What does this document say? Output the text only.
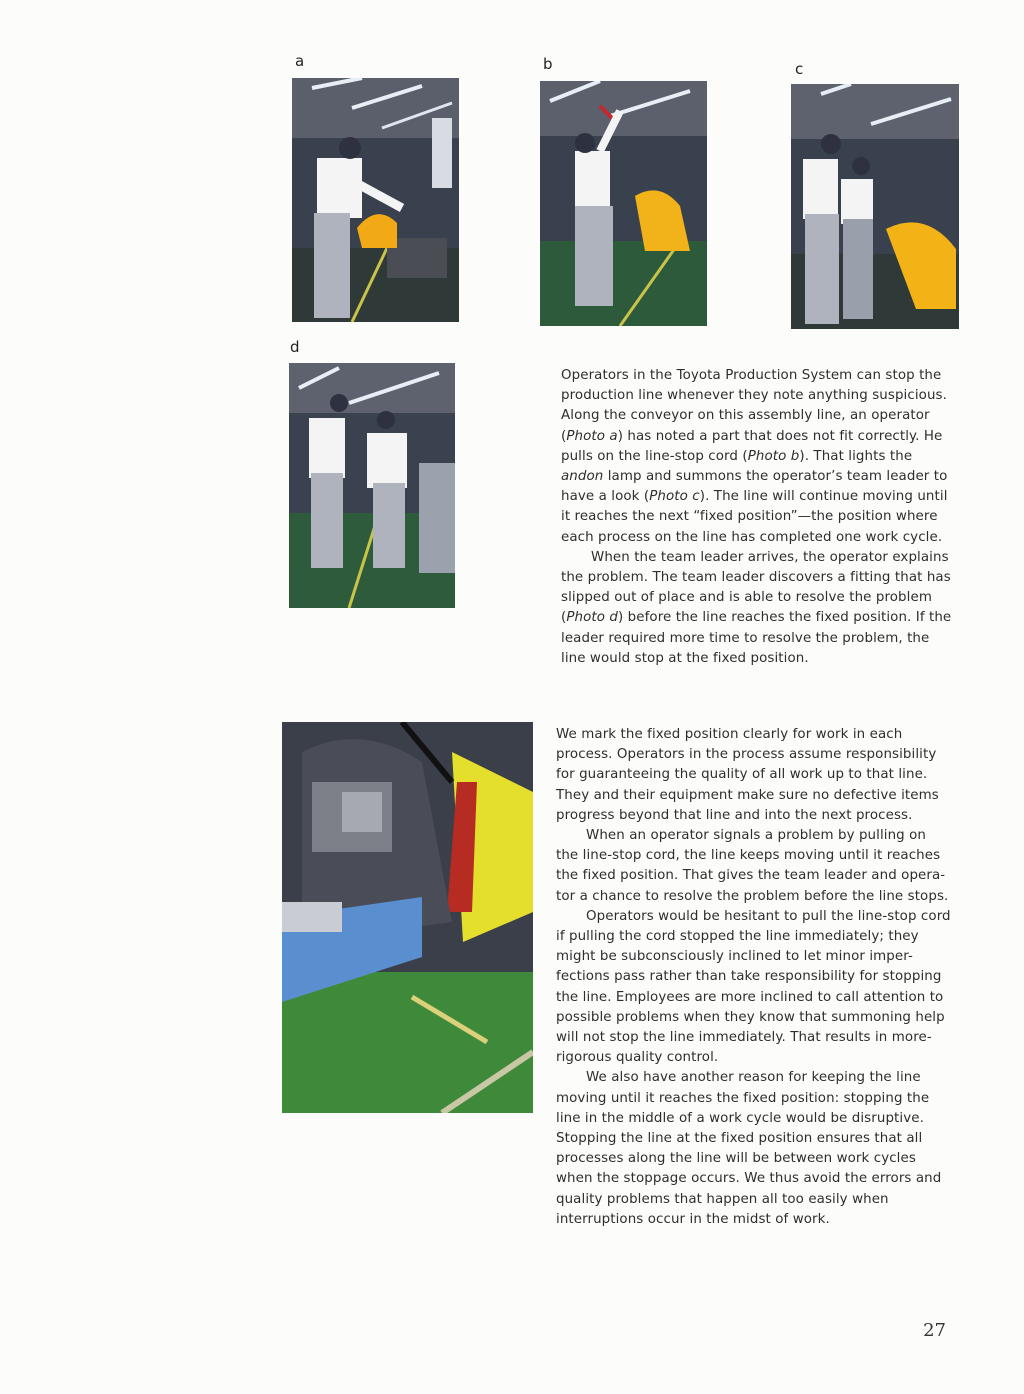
a	b	c
d

Operators in the Toyota Production System can stop the production line whenever they note anything suspicious. Along the conveyor on this assembly line, an operator (Photo a) has noted a part that does not fit correctly. He pulls on the line-stop cord (Photo b). That lights the andon lamp and summons the operator’s team leader to have a look (Photo c). The line will continue moving until it reaches the next “fixed position”—the position where each process on the line has completed one work cycle.

When the team leader arrives, the operator explains the problem. The team leader discovers a fitting that has slipped out of place and is able to resolve the problem (Photo d) before the line reaches the fixed position. If the leader required more time to resolve the problem, the line would stop at the fixed position.

We mark the fixed position clearly for work in each process. Operators in the process assume responsibility for guaranteeing the quality of all work up to that line. They and their equipment make sure no defective items progress beyond that line and into the next process.

When an operator signals a problem by pulling on the line-stop cord, the line keeps moving until it reaches the fixed position. That gives the team leader and opera-tor a chance to resolve the problem before the line stops.

Operators would be hesitant to pull the line-stop cord if pulling the cord stopped the line immediately; they might be subconsciously inclined to let minor imper-fections pass rather than take responsibility for stopping the line. Employees are more inclined to call attention to possible problems when they know that summoning help will not stop the line immediately. That results in more-rigorous quality control.

We also have another reason for keeping the line moving until it reaches the fixed position: stopping the line in the middle of a work cycle would be disruptive. Stopping the line at the fixed position ensures that all processes along the line will be between work cycles when the stoppage occurs. We thus avoid the errors and quality problems that happen all too easily when interruptions occur in the midst of work.

27
